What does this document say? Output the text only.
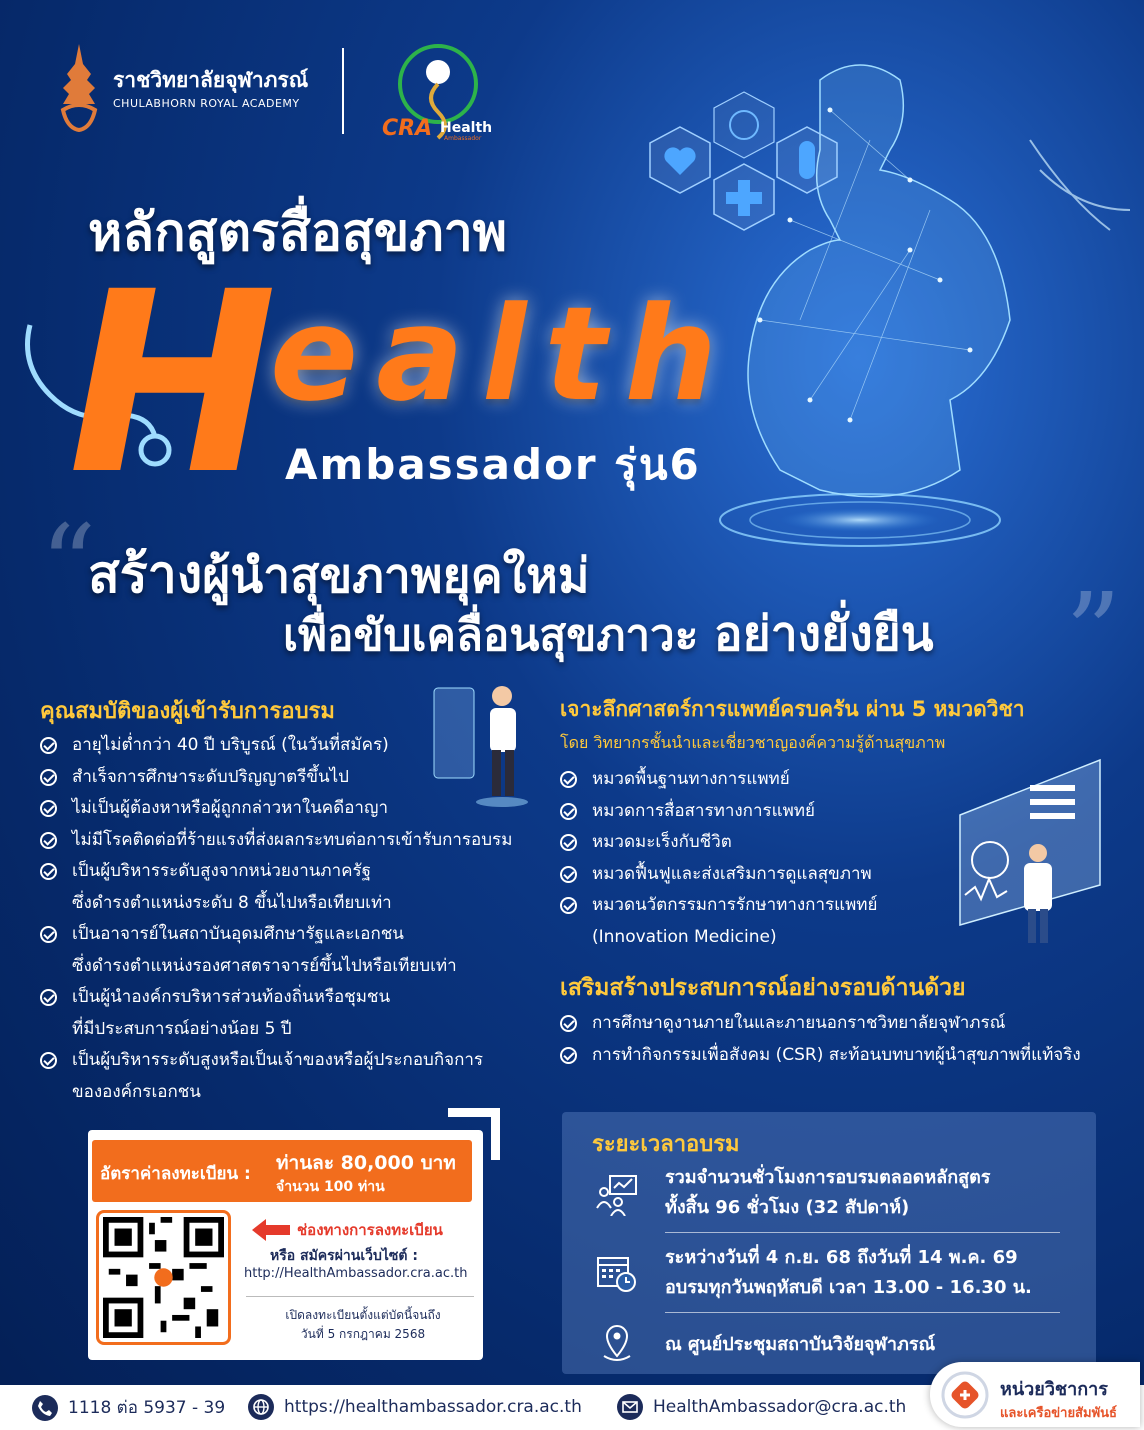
ราชวิทยาลัยจุฬาภรณ์
CHULABHORN ROYAL ACADEMY
CRA Health
Ambassador
หลักสูตรสื่อสุขภาพ
H
ealth
Ambassador รุ่น6
“
สร้างผู้นำสุขภาพยุคใหม่
เพื่อขับเคลื่อนสุขภาวะ อย่างยั่งยืน ”
คุณสมบัติของผู้เข้ารับการอบรม
อายุไม่ต่ำกว่า 40 ปี บริบูรณ์ (ในวันที่สมัคร)
สำเร็จการศึกษาระดับปริญญาตรีขึ้นไป
ไม่เป็นผู้ต้องหาหรือผู้ถูกกล่าวหาในคดีอาญา
ไม่มีโรคติดต่อที่ร้ายแรงที่ส่งผลกระทบต่อการเข้ารับการอบรม
เป็นผู้บริหารระดับสูงจากหน่วยงานภาครัฐ
ซึ่งดำรงตำแหน่งระดับ 8 ขึ้นไปหรือเทียบเท่า
เป็นอาจารย์ในสถาบันอุดมศึกษารัฐและเอกชน
ซึ่งดำรงตำแหน่งรองศาสตราจารย์ขึ้นไปหรือเทียบเท่า
เป็นผู้นำองค์กรบริหารส่วนท้องถิ่นหรือชุมชน
ที่มีประสบการณ์อย่างน้อย 5 ปี
เป็นผู้บริหารระดับสูงหรือเป็นเจ้าของหรือผู้ประกอบกิจการ
ขององค์กรเอกชน
เจาะลึกศาสตร์การแพทย์ครบครัน ผ่าน 5 หมวดวิชา
โดย วิทยากรชั้นนำและเชี่ยวชาญองค์ความรู้ด้านสุขภาพ
หมวดพื้นฐานทางการแพทย์
หมวดการสื่อสารทางการแพทย์
หมวดมะเร็งกับชีวิต
หมวดฟื้นฟูและส่งเสริมการดูแลสุขภาพ
หมวดนวัตกรรมการรักษาทางการแพทย์
(Innovation Medicine)
เสริมสร้างประสบการณ์อย่างรอบด้านด้วย
การศึกษาดูงานภายในและภายนอกราชวิทยาลัยจุฬาภรณ์
การทำกิจกรรมเพื่อสังคม (CSR) สะท้อนบทบาทผู้นำสุขภาพที่แท้จริง
อัตราค่าลงทะเบียน : ท่านละ 80,000 บาท
จำนวน 100 ท่าน
ช่องทางการลงทะเบียน
หรือ สมัครผ่านเว็บไซต์ :
http://HealthAmbassador.cra.ac.th
เปิดลงทะเบียนตั้งแต่บัดนี้จนถึง
วันที่ 5 กรกฎาคม 2568
ระยะเวลาอบรม
รวมจำนวนชั่วโมงการอบรมตลอดหลักสูตร
ทั้งสิ้น 96 ชั่วโมง (32 สัปดาห์)
ระหว่างวันที่ 4 ก.ย. 68 ถึงวันที่ 14 พ.ค. 69
อบรมทุกวันพฤหัสบดี เวลา 13.00 - 16.30 น.
ณ ศูนย์ประชุมสถาบันวิจัยจุฬาภรณ์
1118 ต่อ 5937 - 39	https://healthambassador.cra.ac.th	HealthAmbassador@cra.ac.th
หน่วยวิชาการ
และเครือข่ายสัมพันธ์
